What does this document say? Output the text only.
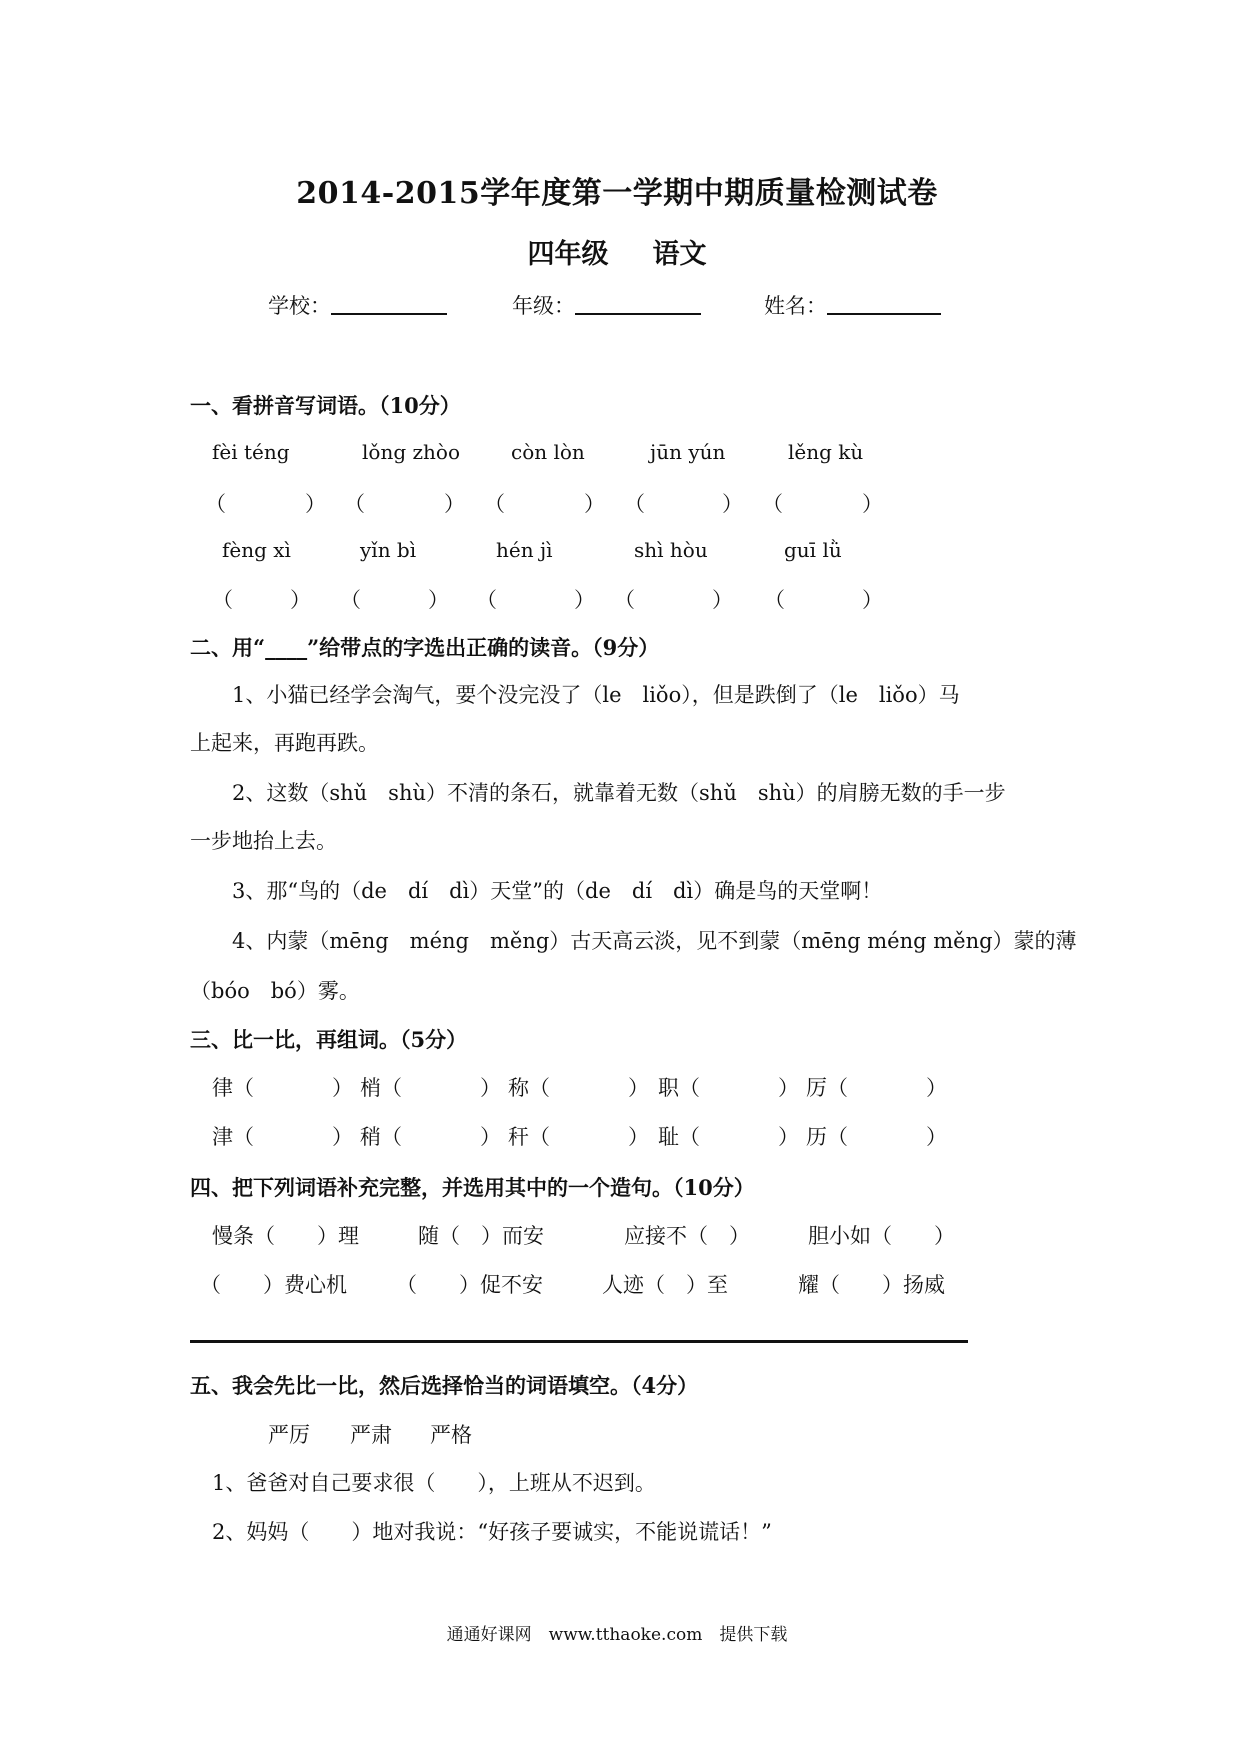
2014-2015学年度第一学期中期质量检测试卷
四年级 语文
学校：	年级：	姓名：
一、看拼音写词语。（10分）
fèi téng	lǒng zhòo	còn lòn	jūn yún	lěng kù
（	） （	） （	） （	） （	）
fèng xì	yǐn bì	hén jì	shì hòu	guī lǜ
（	） （	） （	） （	） （	）
二、用“____”给带点的字选出正确的读音。（9分）
1、小猫已经学会淘气，要个没完没了（le　liǒo），但是跌倒了（le　liǒo）马
上起来，再跑再跌。
2、这数（shǔ　shù）不清的条石，就靠着无数（shǔ　shù）的肩膀无数的手一步
一步地抬上去。
3、那“鸟的（de　dí　dì）天堂”的（de　dí　dì）确是鸟的天堂啊！
4、内蒙（mēng　méng　měng）古天高云淡，见不到蒙（mēng méng měng）蒙的薄
（bóo　bó）雾。
三、比一比，再组词。（5分）
律（	） 梢（	） 称（	） 职（	） 厉（	）
津（	） 稍（	） 秆（	） 耻（	） 历（	）
四、把下列词语补充完整，并选用其中的一个造句。（10分）
慢条（　　）理	随（　）而安	应接不（　）	胆小如（　　）
（　　）费心机 （　　）促不安	人迹（　）至	耀（　　）扬威
五、我会先比一比，然后选择恰当的词语填空。（4分）
严厉 严肃 严格
1、爸爸对自己要求很（　　），上班从不迟到。
2、妈妈（　　）地对我说：“好孩子要诚实，不能说谎话！”
通通好课网　www.tthaoke.com　提供下载
